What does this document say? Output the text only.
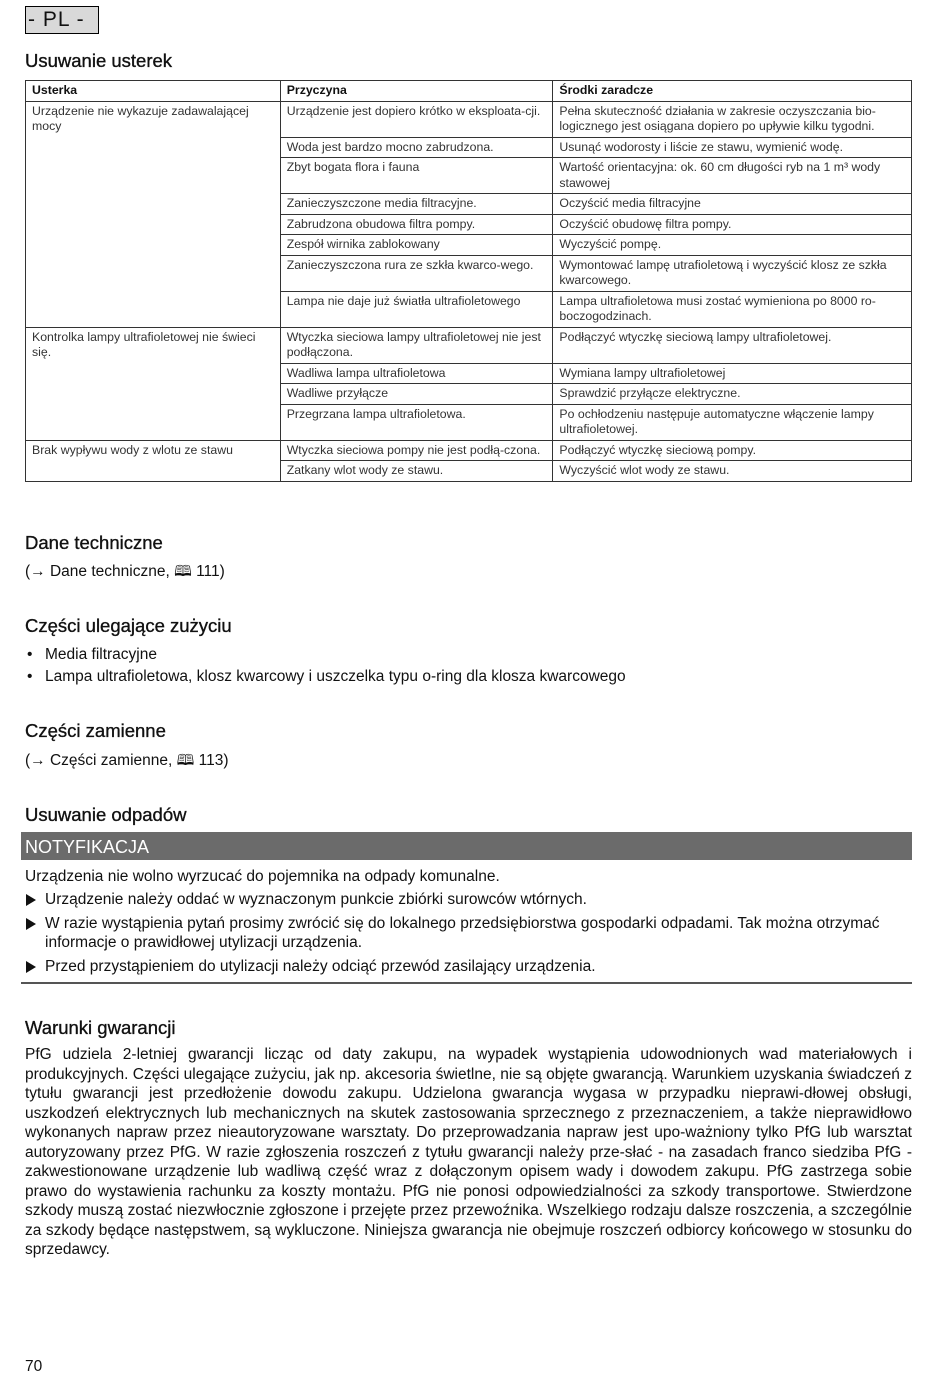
- PL -
Usuwanie usterek
Usterka	Przyczyna	Środki zaradcze
Urządzenie nie wykazuje zadawalającej mocy	Urządzenie jest dopiero krótko w eksploata-cji.	Pełna skuteczność działania w zakresie oczyszczania bio-logicznego jest osiągana dopiero po upływie kilku tygodni.
	Woda jest bardzo mocno zabrudzona.	Usunąć wodorosty i liście ze stawu, wymienić wodę.
	Zbyt bogata flora i fauna	Wartość orientacyjna: ok. 60 cm długości ryb na 1 m³ wody stawowej
	Zanieczyszczone media filtracyjne.	Oczyścić media filtracyjne
	Zabrudzona obudowa filtra pompy.	Oczyścić obudowę filtra pompy.
	Zespół wirnika zablokowany	Wyczyścić pompę.
	Zanieczyszczona rura ze szkła kwarco-wego.	Wymontować lampę utrafioletową i wyczyścić klosz ze szkła kwarcowego.
	Lampa nie daje już światła ultrafioletowego	Lampa ultrafioletowa musi zostać wymieniona po 8000 ro-boczogodzinach.
Kontrolka lampy ultrafioletowej nie świeci się.	Wtyczka sieciowa lampy ultrafioletowej nie jest podłączona.	Podłączyć wtyczkę sieciową lampy ultrafioletowej.
	Wadliwa lampa ultrafioletowa	Wymiana lampy ultrafioletowej
	Wadliwe przyłącze	Sprawdzić przyłącze elektryczne.
	Przegrzana lampa ultrafioletowa.	Po ochłodzeniu następuje automatyczne włączenie lampy ultrafioletowej.
Brak wypływu wody z wlotu ze stawu	Wtyczka sieciowa pompy nie jest podłą-czona.	Podłączyć wtyczkę sieciową pompy.
	Zatkany wlot wody ze stawu.	Wyczyścić wlot wody ze stawu.
Dane techniczne
(→ Dane techniczne, 🕮 111)
Części ulegające zużyciu
• Media filtracyjne
• Lampa ultrafioletowa, klosz kwarcowy i uszczelka typu o-ring dla klosza kwarcowego
Części zamienne
(→ Części zamienne, 🕮 113)
Usuwanie odpadów
NOTYFIKACJA
Urządzenia nie wolno wyrzucać do pojemnika na odpady komunalne.
Urządzenie należy oddać w wyznaczonym punkcie zbiórki surowców wtórnych.
W razie wystąpienia pytań prosimy zwrócić się do lokalnego przedsiębiorstwa gospodarki odpadami. Tak można otrzymać informacje o prawidłowej utylizacji urządzenia.
Przed przystąpieniem do utylizacji należy odciąć przewód zasilający urządzenia.
Warunki gwarancji
PfG udziela 2-letniej gwarancji licząc od daty zakupu, na wypadek wystąpienia udowodnionych wad materiałowych i produkcyjnych. Części ulegające zużyciu, jak np. akcesoria świetlne, nie są objęte gwarancją. Warunkiem uzyskania świadczeń z tytułu gwarancji jest przedłożenie dowodu zakupu. Udzielona gwarancja wygasa w przypadku nieprawi-dłowej obsługi, uszkodzeń elektrycznych lub mechanicznych na skutek zastosowania sprzecznego z przeznaczeniem, a także nieprawidłowo wykonanych napraw przez nieautoryzowane warsztaty. Do przeprowadzania napraw jest upo-ważniony tylko PfG lub warsztat autoryzowany przez PfG. W razie zgłoszenia roszczeń z tytułu gwarancji należy prze-słać - na zasadach franco siedziba PfG - zakwestionowane urządzenie lub wadliwą część wraz z dołączonym opisem wady i dowodem zakupu. PfG zastrzega sobie prawo do wystawienia rachunku za koszty montażu. PfG nie ponosi odpowiedzialności za szkody transportowe. Stwierdzone szkody muszą zostać niezwłocznie zgłoszone i przejęte przez przewoźnika. Wszelkiego rodzaju dalsze roszczenia, a szczególnie za szkody będące następstwem, są wykluczone. Niniejsza gwarancja nie obejmuje roszczeń odbiorcy końcowego w stosunku do sprzedawcy.
70
